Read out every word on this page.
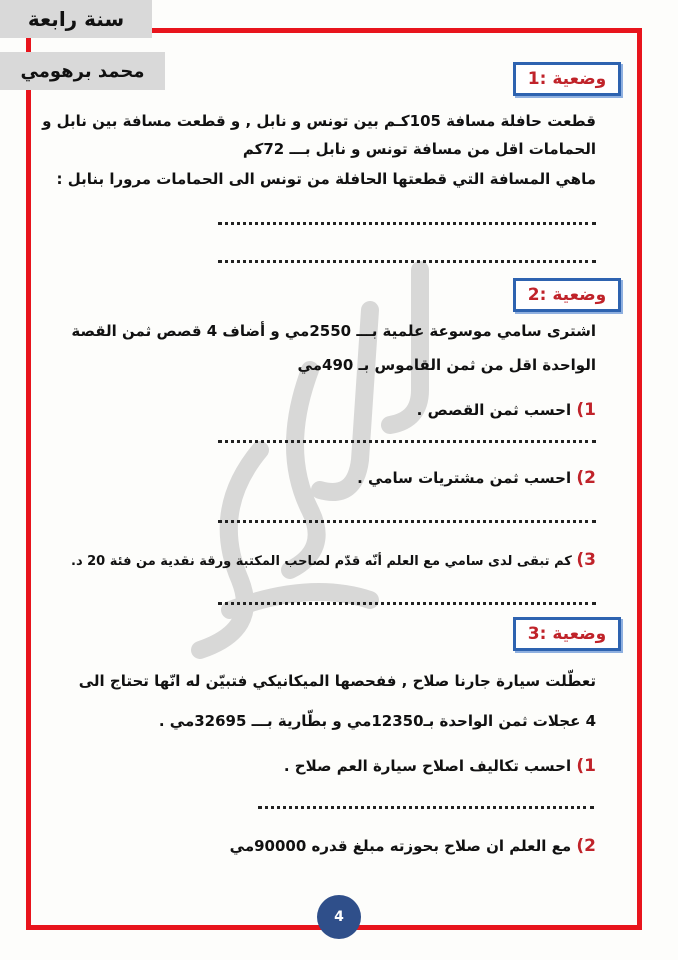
سنة رابعة
محمد برهومي	وضعية :1
قطعت حافلة مسافة 105كـم بين تونس و نابل , و قطعت مسافة بين نابل و
الحمامات اقل من مسافة تونس و نابل بـــ 72كم
ماهي المسافة التي قطعتها الحافلة من تونس الى الحمامات مرورا بنابل :
وضعية :2
اشترى سامي موسوعة علمية بـــ 2550مي و أضاف 4 قصص ثمن القصة
الواحدة اقل من ثمن القاموس بـ 490مي
1) احسب ثمن القصص .
2) احسب ثمن مشتريات سامي .
3) كم تبقى لدى سامي مع العلم أنّه قدّم لصاحب المكتبة ورقة نقدية من فئة 20 د.
وضعية :3
تعطّلت سيارة جارنا صلاح , ففحصها الميكانيكي فتبيّن له انّها تحتاج الى
4 عجلات ثمن الواحدة بـ12350مي و بطّارية بـــ 32695مي .
1) احسب تكاليف اصلاح سيارة العم صلاح .
2) مع العلم ان صلاح بحوزته مبلغ قدره 90000مي
4
